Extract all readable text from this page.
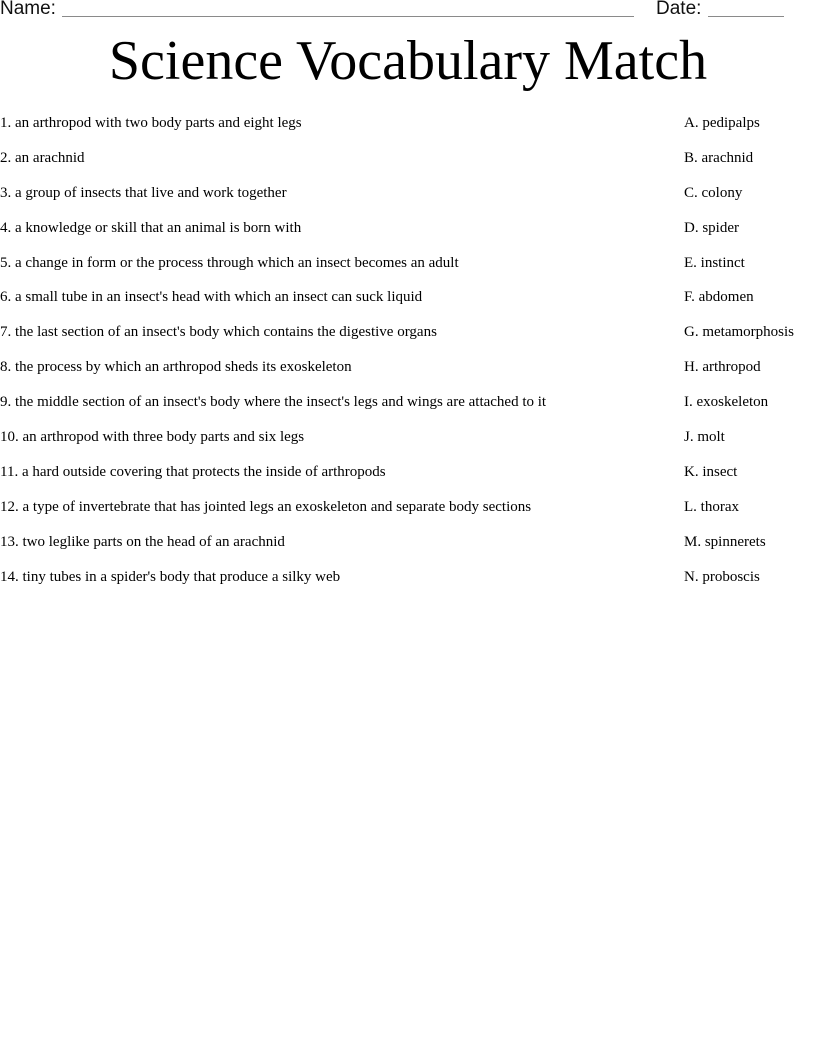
Name:	Date:
Science Vocabulary Match
1. an arthropod with two body parts and eight legs
2. an arachnid
3. a group of insects that live and work together
4. a knowledge or skill that an animal is born with
5. a change in form or the process through which an insect becomes an adult
6. a small tube in an insect's head with which an insect can suck liquid
7. the last section of an insect's body which contains the digestive organs
8. the process by which an arthropod sheds its exoskeleton
9. the middle section of an insect's body where the insect's legs and wings are attached to it
10. an arthropod with three body parts and six legs
11. a hard outside covering that protects the inside of arthropods
12. a type of invertebrate that has jointed legs an exoskeleton and separate body sections
13. two leglike parts on the head of an arachnid
14. tiny tubes in a spider's body that produce a silky web
A. pedipalps
B. arachnid
C. colony
D. spider
E. instinct
F. abdomen
G. metamorphosis
H. arthropod
I. exoskeleton
J. molt
K. insect
L. thorax
M. spinnerets
N. proboscis
